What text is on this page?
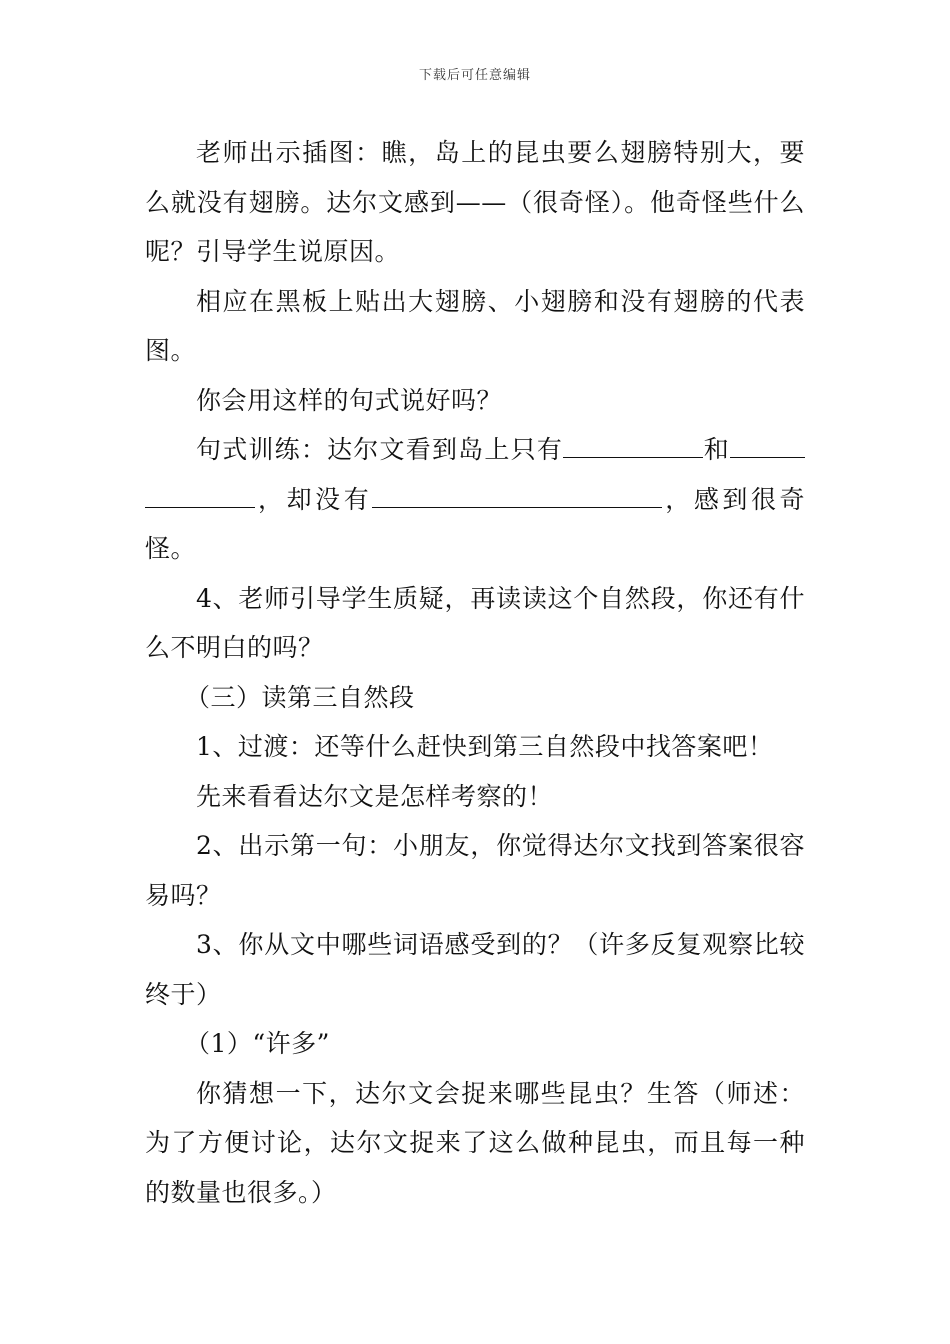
下载后可任意编辑

老师出示插图：瞧，岛上的昆虫要么翅膀特别大，要么就没有翅膀。达尔文感到——（很奇怪）。他奇怪些什么呢？引导学生说原因。

相应在黑板上贴出大翅膀、小翅膀和没有翅膀的代表图。

你会用这样的句式说好吗？

句式训练：达尔文看到岛上只有	和 ，却没有	，感到很奇怪。

4、老师引导学生质疑，再读读这个自然段，你还有什么不明白的吗？

（三）读第三自然段

1、过渡：还等什么赶快到第三自然段中找答案吧！

先来看看达尔文是怎样考察的！

2、出示第一句：小朋友，你觉得达尔文找到答案很容易吗？

3、你从文中哪些词语感受到的？（许多反复观察比较终于）

（1）“许多”

你猜想一下，达尔文会捉来哪些昆虫？生答（师述：为了方便讨论，达尔文捉来了这么做种昆虫，而且每一种的数量也很多。）
